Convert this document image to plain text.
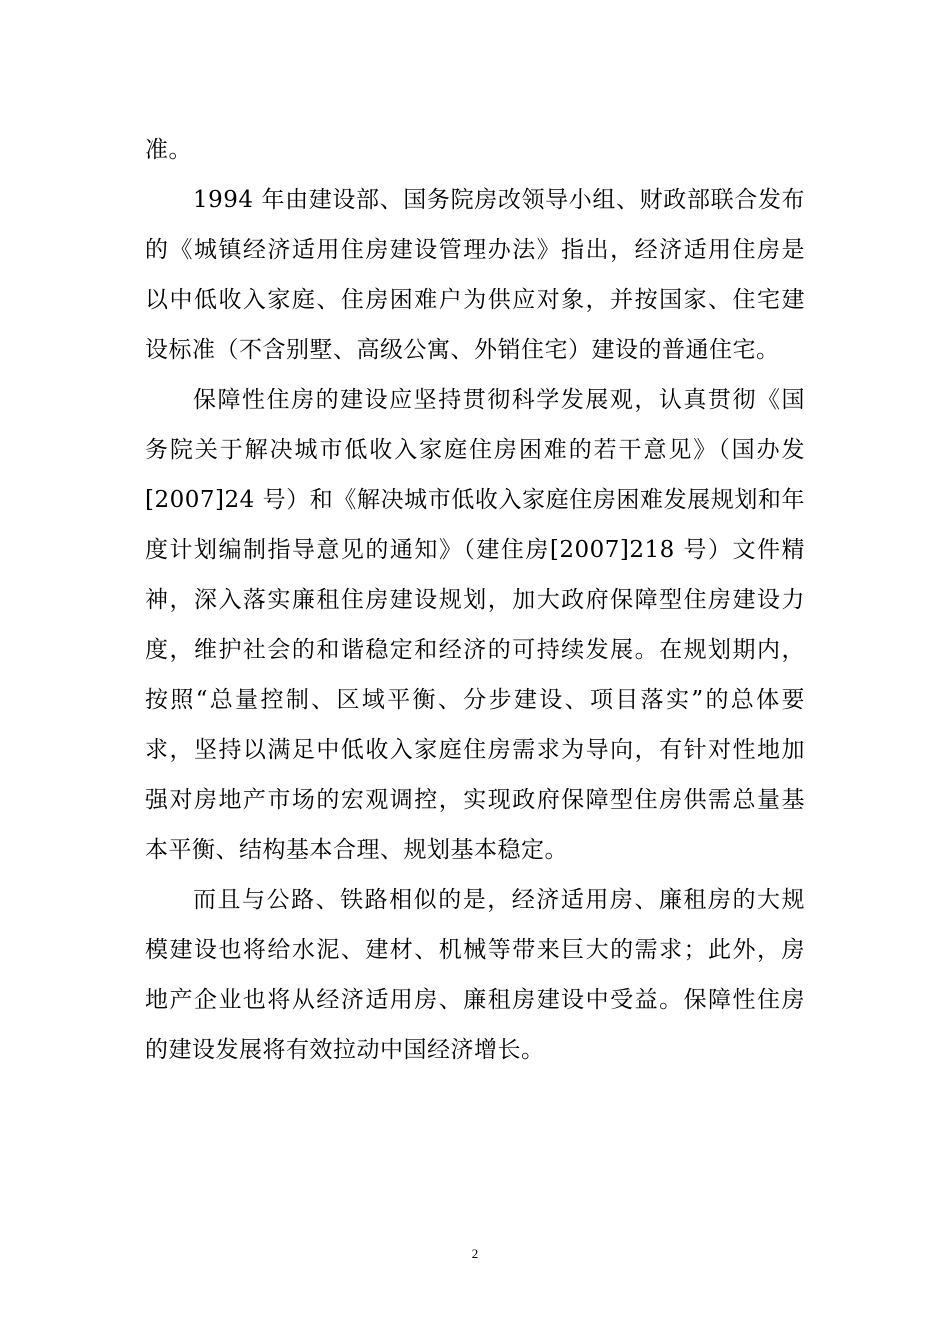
准。
1994 年由建设部、国务院房改领导小组、财政部联合发布
的《城镇经济适用住房建设管理办法》指出，经济适用住房是
以中低收入家庭、住房困难户为供应对象，并按国家、住宅建
设标准（不含别墅、高级公寓、外销住宅）建设的普通住宅。
保障性住房的建设应坚持贯彻科学发展观，认真贯彻《国
务院关于解决城市低收入家庭住房困难的若干意见》（国办发
[2007]24 号）和《解决城市低收入家庭住房困难发展规划和年
度计划编制指导意见的通知》（建住房[2007]218 号）文件精
神，深入落实廉租住房建设规划，加大政府保障型住房建设力
度，维护社会的和谐稳定和经济的可持续发展。在规划期内，
按照“总量控制、区域平衡、分步建设、项目落实”的总体要
求，坚持以满足中低收入家庭住房需求为导向，有针对性地加
强对房地产市场的宏观调控，实现政府保障型住房供需总量基
本平衡、结构基本合理、规划基本稳定。
而且与公路、铁路相似的是，经济适用房、廉租房的大规
模建设也将给水泥、建材、机械等带来巨大的需求；此外，房
地产企业也将从经济适用房、廉租房建设中受益。保障性住房
的建设发展将有效拉动中国经济增长。
2
